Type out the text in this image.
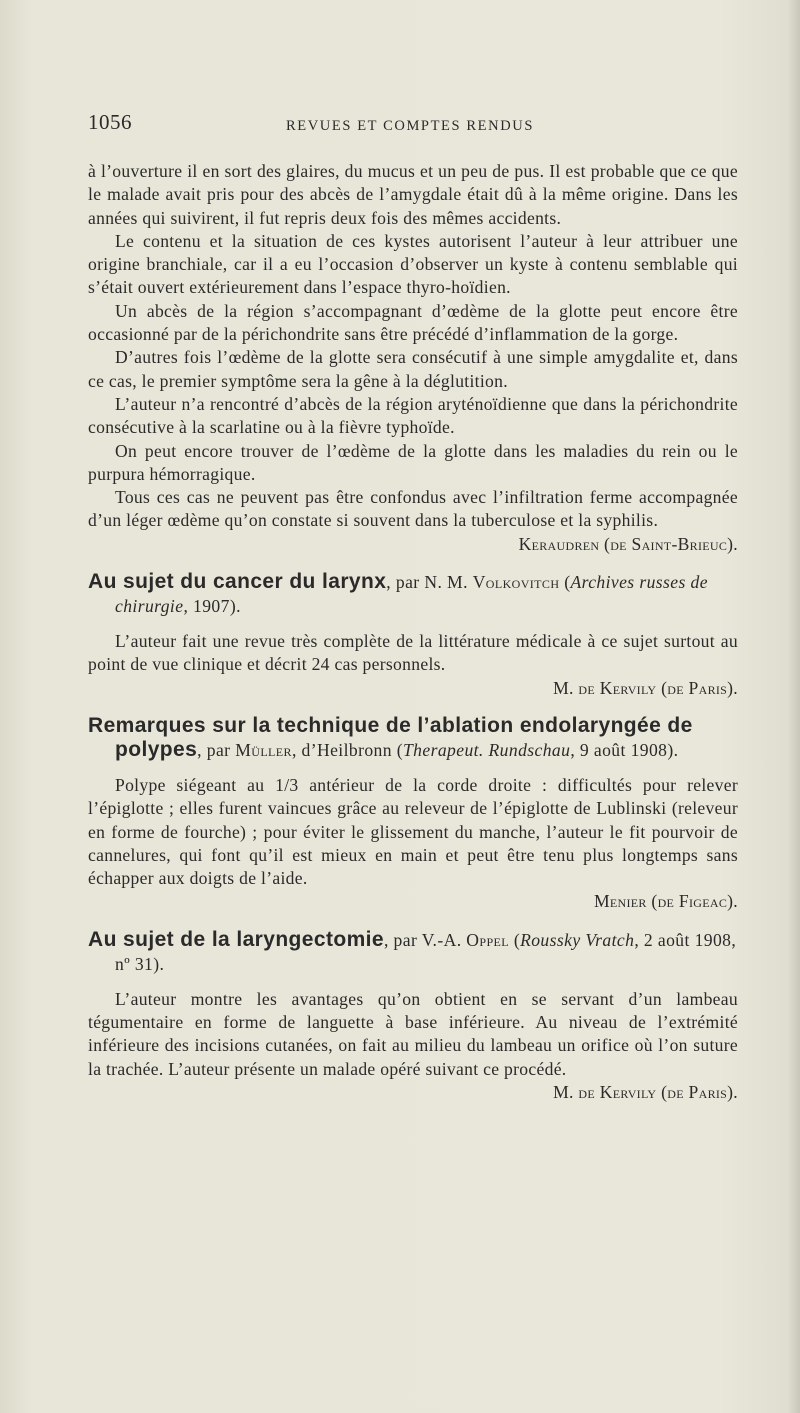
1056	REVUES ET COMPTES RENDUS

à l’ouverture il en sort des glaires, du mucus et un peu de pus. Il est probable que ce que le malade avait pris pour des abcès de l’amygdale était dû à la même origine. Dans les années qui suivirent, il fut repris deux fois des mêmes accidents.

Le contenu et la situation de ces kystes autorisent l’auteur à leur attribuer une origine branchiale, car il a eu l’occasion d’observer un kyste à contenu semblable qui s’était ouvert extérieurement dans l’espace thyro-hoïdien.

Un abcès de la région s’accompagnant d’œdème de la glotte peut encore être occasionné par de la périchondrite sans être précédé d’inflammation de la gorge.

D’autres fois l’œdème de la glotte sera consécutif à une simple amygdalite et, dans ce cas, le premier symptôme sera la gêne à la déglutition.

L’auteur n’a rencontré d’abcès de la région aryténoïdienne que dans la périchondrite consécutive à la scarlatine ou à la fièvre typhoïde.

On peut encore trouver de l’œdème de la glotte dans les maladies du rein ou le purpura hémorragique.

Tous ces cas ne peuvent pas être confondus avec l’infiltration ferme accompagnée d’un léger œdème qu’on constate si souvent dans la tuberculose et la syphilis.
Keraudren (de Saint-Brieuc).

Au sujet du cancer du larynx, par N. M. Volkovitch (Archives russes de chirurgie, 1907).

L’auteur fait une revue très complète de la littérature médicale à ce sujet surtout au point de vue clinique et décrit 24 cas personnels.

M. de Kervily (de Paris).

Remarques sur la technique de l’ablation endolaryngée de polypes, par Müller, d’Heilbronn (Therapeut. Rundschau, 9 août 1908).

Polype siégeant au 1/3 antérieur de la corde droite : difficultés pour relever l’épiglotte ; elles furent vaincues grâce au releveur de l’épiglotte de Lublinski (releveur en forme de fourche) ; pour éviter le glissement du manche, l’auteur le fit pourvoir de cannelures, qui font qu’il est mieux en main et peut être tenu plus longtemps sans échapper aux doigts de l’aide.
Menier (de Figeac).

Au sujet de la laryngectomie, par V.-A. Oppel (Roussky Vratch, 2 août 1908, nº 31).

L’auteur montre les avantages qu’on obtient en se servant d’un lambeau tégumentaire en forme de languette à base inférieure. Au niveau de l’extrémité inférieure des incisions cutanées, on fait au milieu du lambeau un orifice où l’on suture la trachée. L’auteur présente un malade opéré suivant ce procédé.

M. de Kervily (de Paris).
